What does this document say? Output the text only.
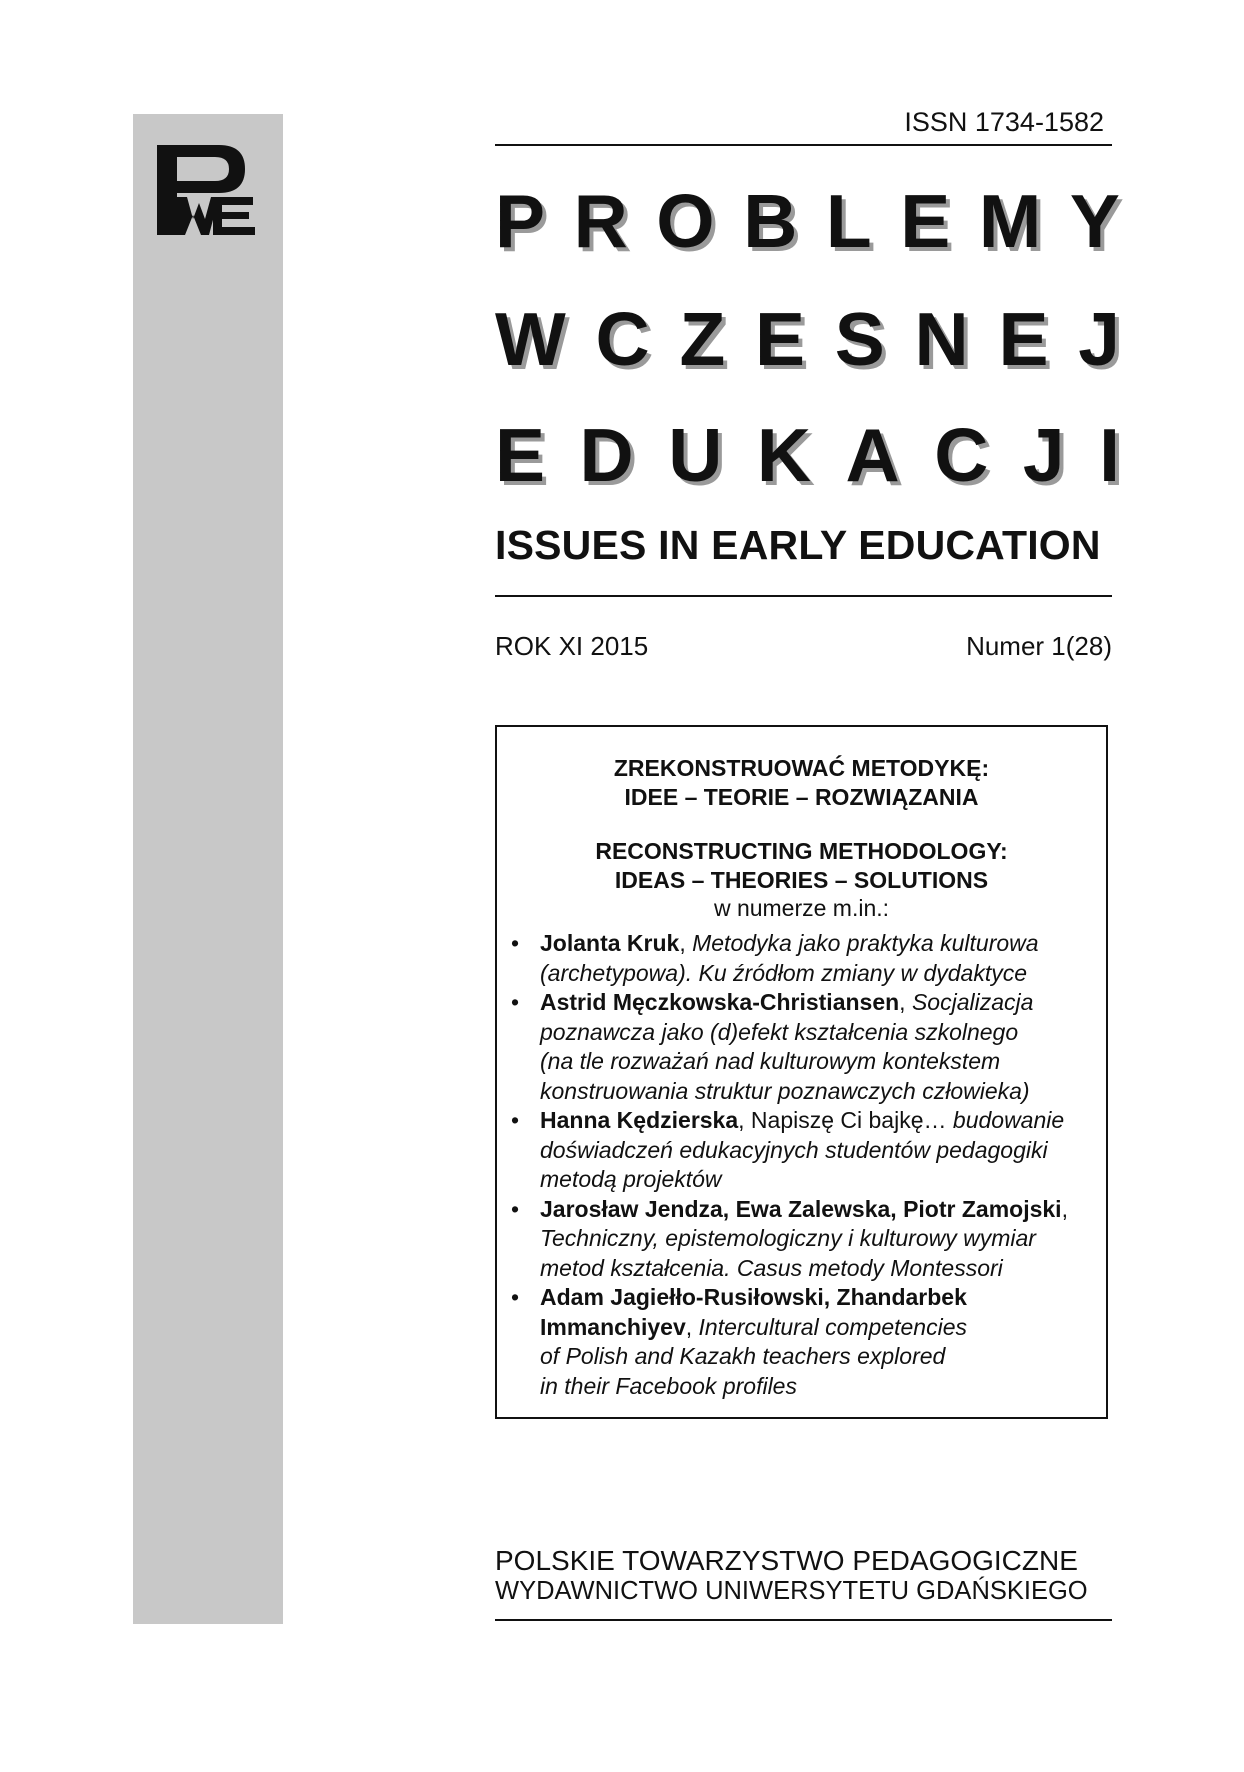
ISSN 1734-1582
P R O B L E M Y
W C Z E S N E J
E D U K A C J I
ISSUES IN EARLY EDUCATION
ROK XI 2015	Numer 1(28)
ZREKONSTRUOWAĆ METODYKĘ:
IDEE – TEORIE – ROZWIĄZANIA
RECONSTRUCTING METHODOLOGY:
IDEAS – THEORIES – SOLUTIONS
w numerze m.in.:
• Jolanta Kruk, Metodyka jako praktyka kulturowa
(archetypowa). Ku źródłom zmiany w dydaktyce
• Astrid Męczkowska-Christiansen, Socjalizacja
poznawcza jako (d)efekt kształcenia szkolnego
(na tle rozważań nad kulturowym kontekstem
konstruowania struktur poznawczych człowieka)
• Hanna Kędzierska, Napiszę Ci bajkę… budowanie
doświadczeń edukacyjnych studentów pedagogiki
metodą projektów
• Jarosław Jendza, Ewa Zalewska, Piotr Zamojski,
Techniczny, epistemologiczny i kulturowy wymiar
metod kształcenia. Casus metody Montessori
• Adam Jagiełło-Rusiłowski, Zhandarbek
Immanchiyev, Intercultural competencies
of Polish and Kazakh teachers explored
in their Facebook profiles
POLSKIE TOWARZYSTWO PEDAGOGICZNE
WYDAWNICTWO UNIWERSYTETU GDAŃSKIEGO
